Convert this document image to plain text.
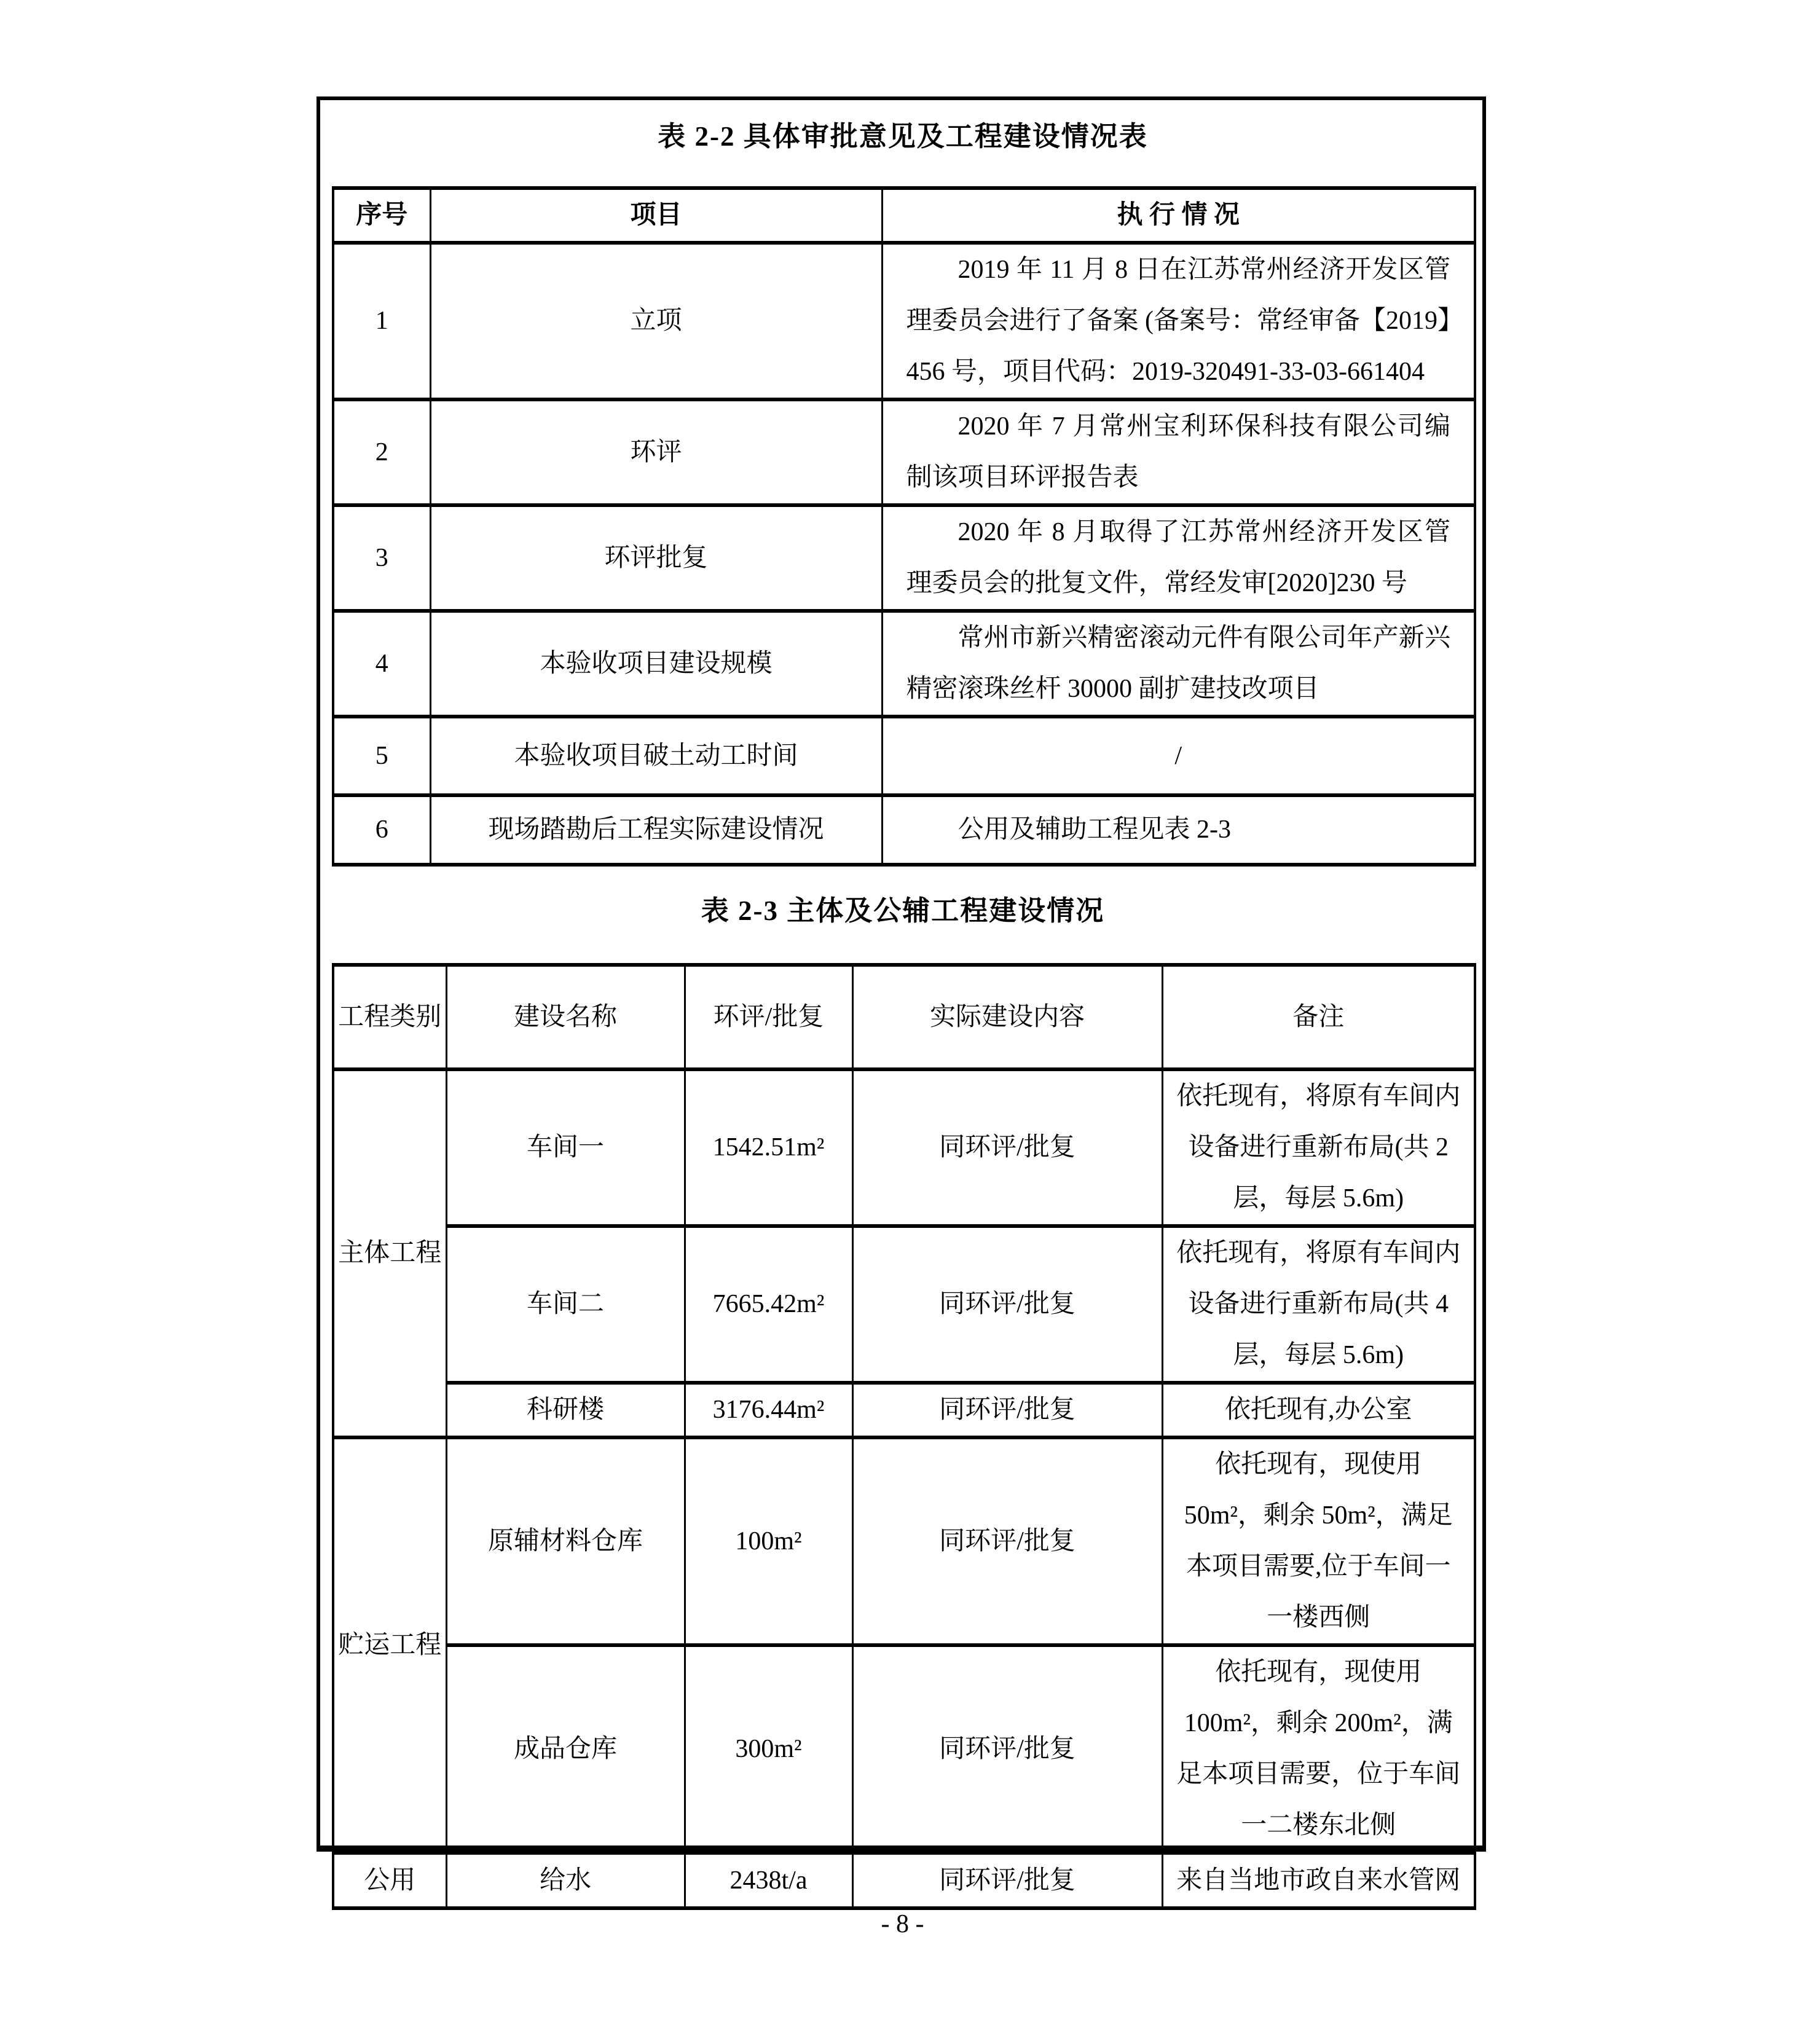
表 2-2 具体审批意见及工程建设情况表
序号	项目	执 行 情 况
1	立项	2019 年 11 月 8 日在江苏常州经济开发区管理委员会进行了备案 (备案号：常经审备【2019】456 号，项目代码：2019-320491-33-03-661404
2	环评	2020 年 7 月常州宝利环保科技有限公司编制该项目环评报告表
3	环评批复	2020 年 8 月取得了江苏常州经济开发区管理委员会的批复文件，常经发审[2020]230 号
4	本验收项目建设规模	常州市新兴精密滚动元件有限公司年产新兴精密滚珠丝杆 30000 副扩建技改项目
5	本验收项目破土动工时间	/
6	现场踏勘后工程实际建设情况	公用及辅助工程见表 2-3
表 2-3 主体及公辅工程建设情况
工程类别	建设名称	环评/批复	实际建设内容	备注
主体工程	车间一	1542.51m²	同环评/批复	依托现有，将原有车间内设备进行重新布局(共 2 层，每层 5.6m)
	车间二	7665.42m²	同环评/批复	依托现有，将原有车间内设备进行重新布局(共 4 层，每层 5.6m)
	科研楼	3176.44m²	同环评/批复	依托现有,办公室
贮运工程	原辅材料仓库	100m²	同环评/批复	依托现有，现使用 50m²，剩余 50m²，满足本项目需要,位于车间一一楼西侧
	成品仓库	300m²	同环评/批复	依托现有，现使用 100m²，剩余 200m²，满足本项目需要，位于车间一二楼东北侧
公用	给水	2438t/a	同环评/批复	来自当地市政自来水管网
- 8 -
